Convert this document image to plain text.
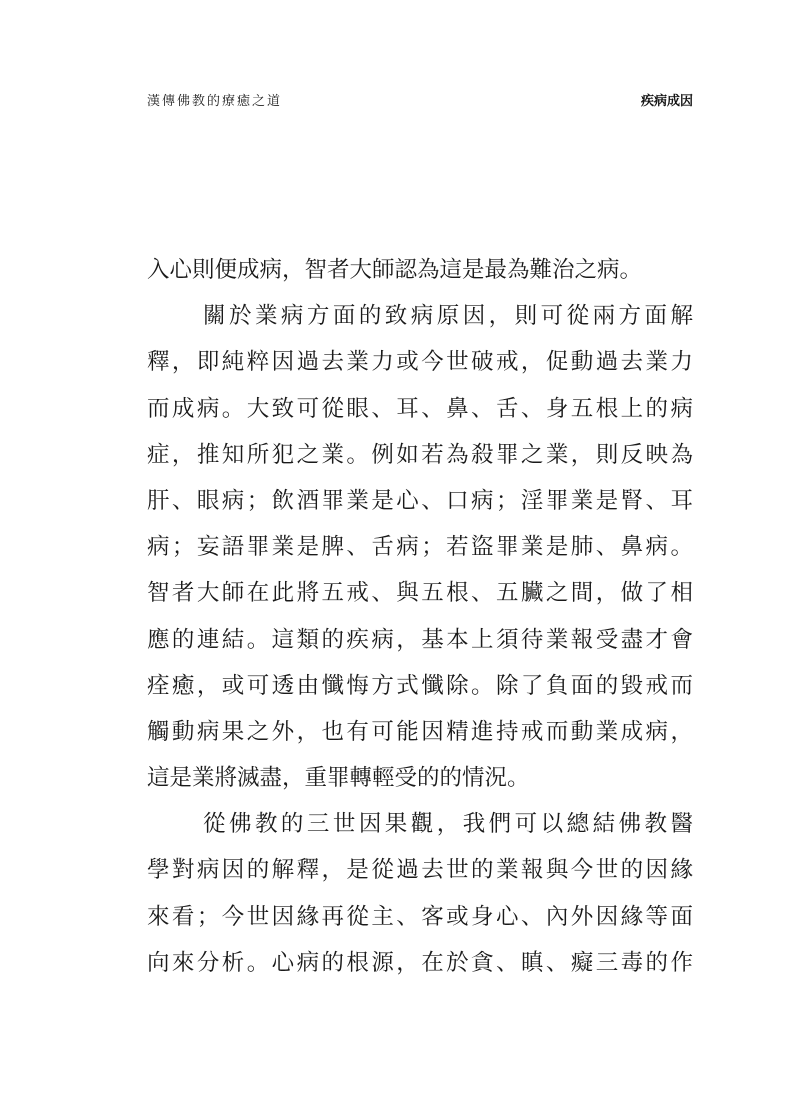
漢傳佛教的療癒之道	疾病成因
入心則便成病，智者大師認為這是最為難治之病。
關於業病方面的致病原因，則可從兩方面解
釋，即純粹因過去業力或今世破戒，促動過去業力
而成病。大致可從眼、耳、鼻、舌、身五根上的病
症，推知所犯之業。例如若為殺罪之業，則反映為
肝、眼病；飲酒罪業是心、口病；淫罪業是腎、耳
病；妄語罪業是脾、舌病；若盜罪業是肺、鼻病。
智者大師在此將五戒、與五根、五臟之間，做了相
應的連結。這類的疾病，基本上須待業報受盡才會
痊癒，或可透由懺悔方式懺除。除了負面的毀戒而
觸動病果之外，也有可能因精進持戒而動業成病，
這是業將滅盡，重罪轉輕受的的情況。
從佛教的三世因果觀，我們可以總結佛教醫
學對病因的解釋，是從過去世的業報與今世的因緣
來看；今世因緣再從主、客或身心、內外因緣等面
向來分析。心病的根源，在於貪、瞋、癡三毒的作
